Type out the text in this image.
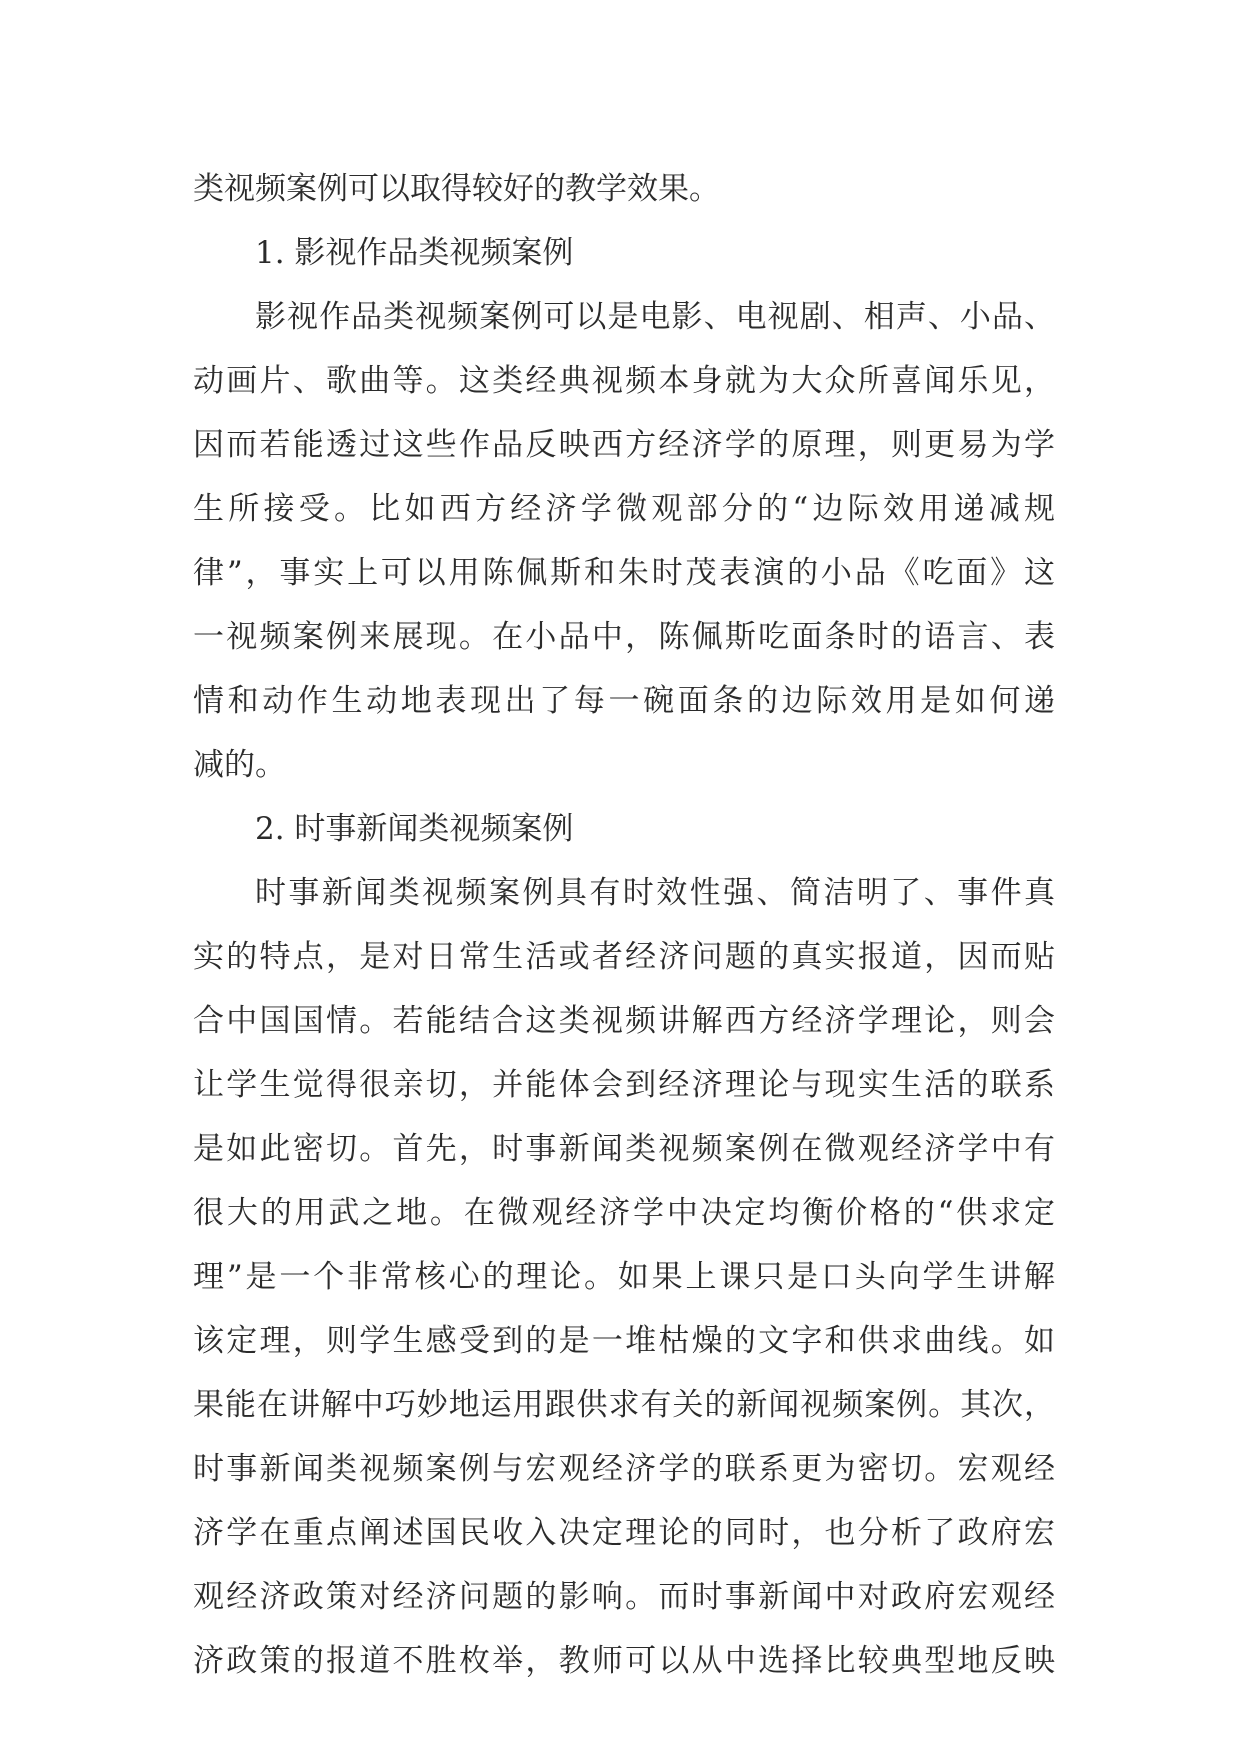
类视频案例可以取得较好的教学效果。
1. 影视作品类视频案例
影视作品类视频案例可以是电影、电视剧、相声、小品、
动画片、歌曲等。这类经典视频本身就为大众所喜闻乐见，
因而若能透过这些作品反映西方经济学的原理，则更易为学
生所接受。比如西方经济学微观部分的“边际效用递减规
律”，事实上可以用陈佩斯和朱时茂表演的小品《吃面》这
一视频案例来展现。在小品中，陈佩斯吃面条时的语言、表
情和动作生动地表现出了每一碗面条的边际效用是如何递
减的。
2. 时事新闻类视频案例
时事新闻类视频案例具有时效性强、简洁明了、事件真
实的特点，是对日常生活或者经济问题的真实报道，因而贴
合中国国情。若能结合这类视频讲解西方经济学理论，则会
让学生觉得很亲切，并能体会到经济理论与现实生活的联系
是如此密切。首先，时事新闻类视频案例在微观经济学中有
很大的用武之地。在微观经济学中决定均衡价格的“供求定
理”是一个非常核心的理论。如果上课只是口头向学生讲解
该定理，则学生感受到的是一堆枯燥的文字和供求曲线。如
果能在讲解中巧妙地运用跟供求有关的新闻视频案例。其次，
时事新闻类视频案例与宏观经济学的联系更为密切。宏观经
济学在重点阐述国民收入决定理论的同时，也分析了政府宏
观经济政策对经济问题的影响。而时事新闻中对政府宏观经
济政策的报道不胜枚举，教师可以从中选择比较典型地反映
